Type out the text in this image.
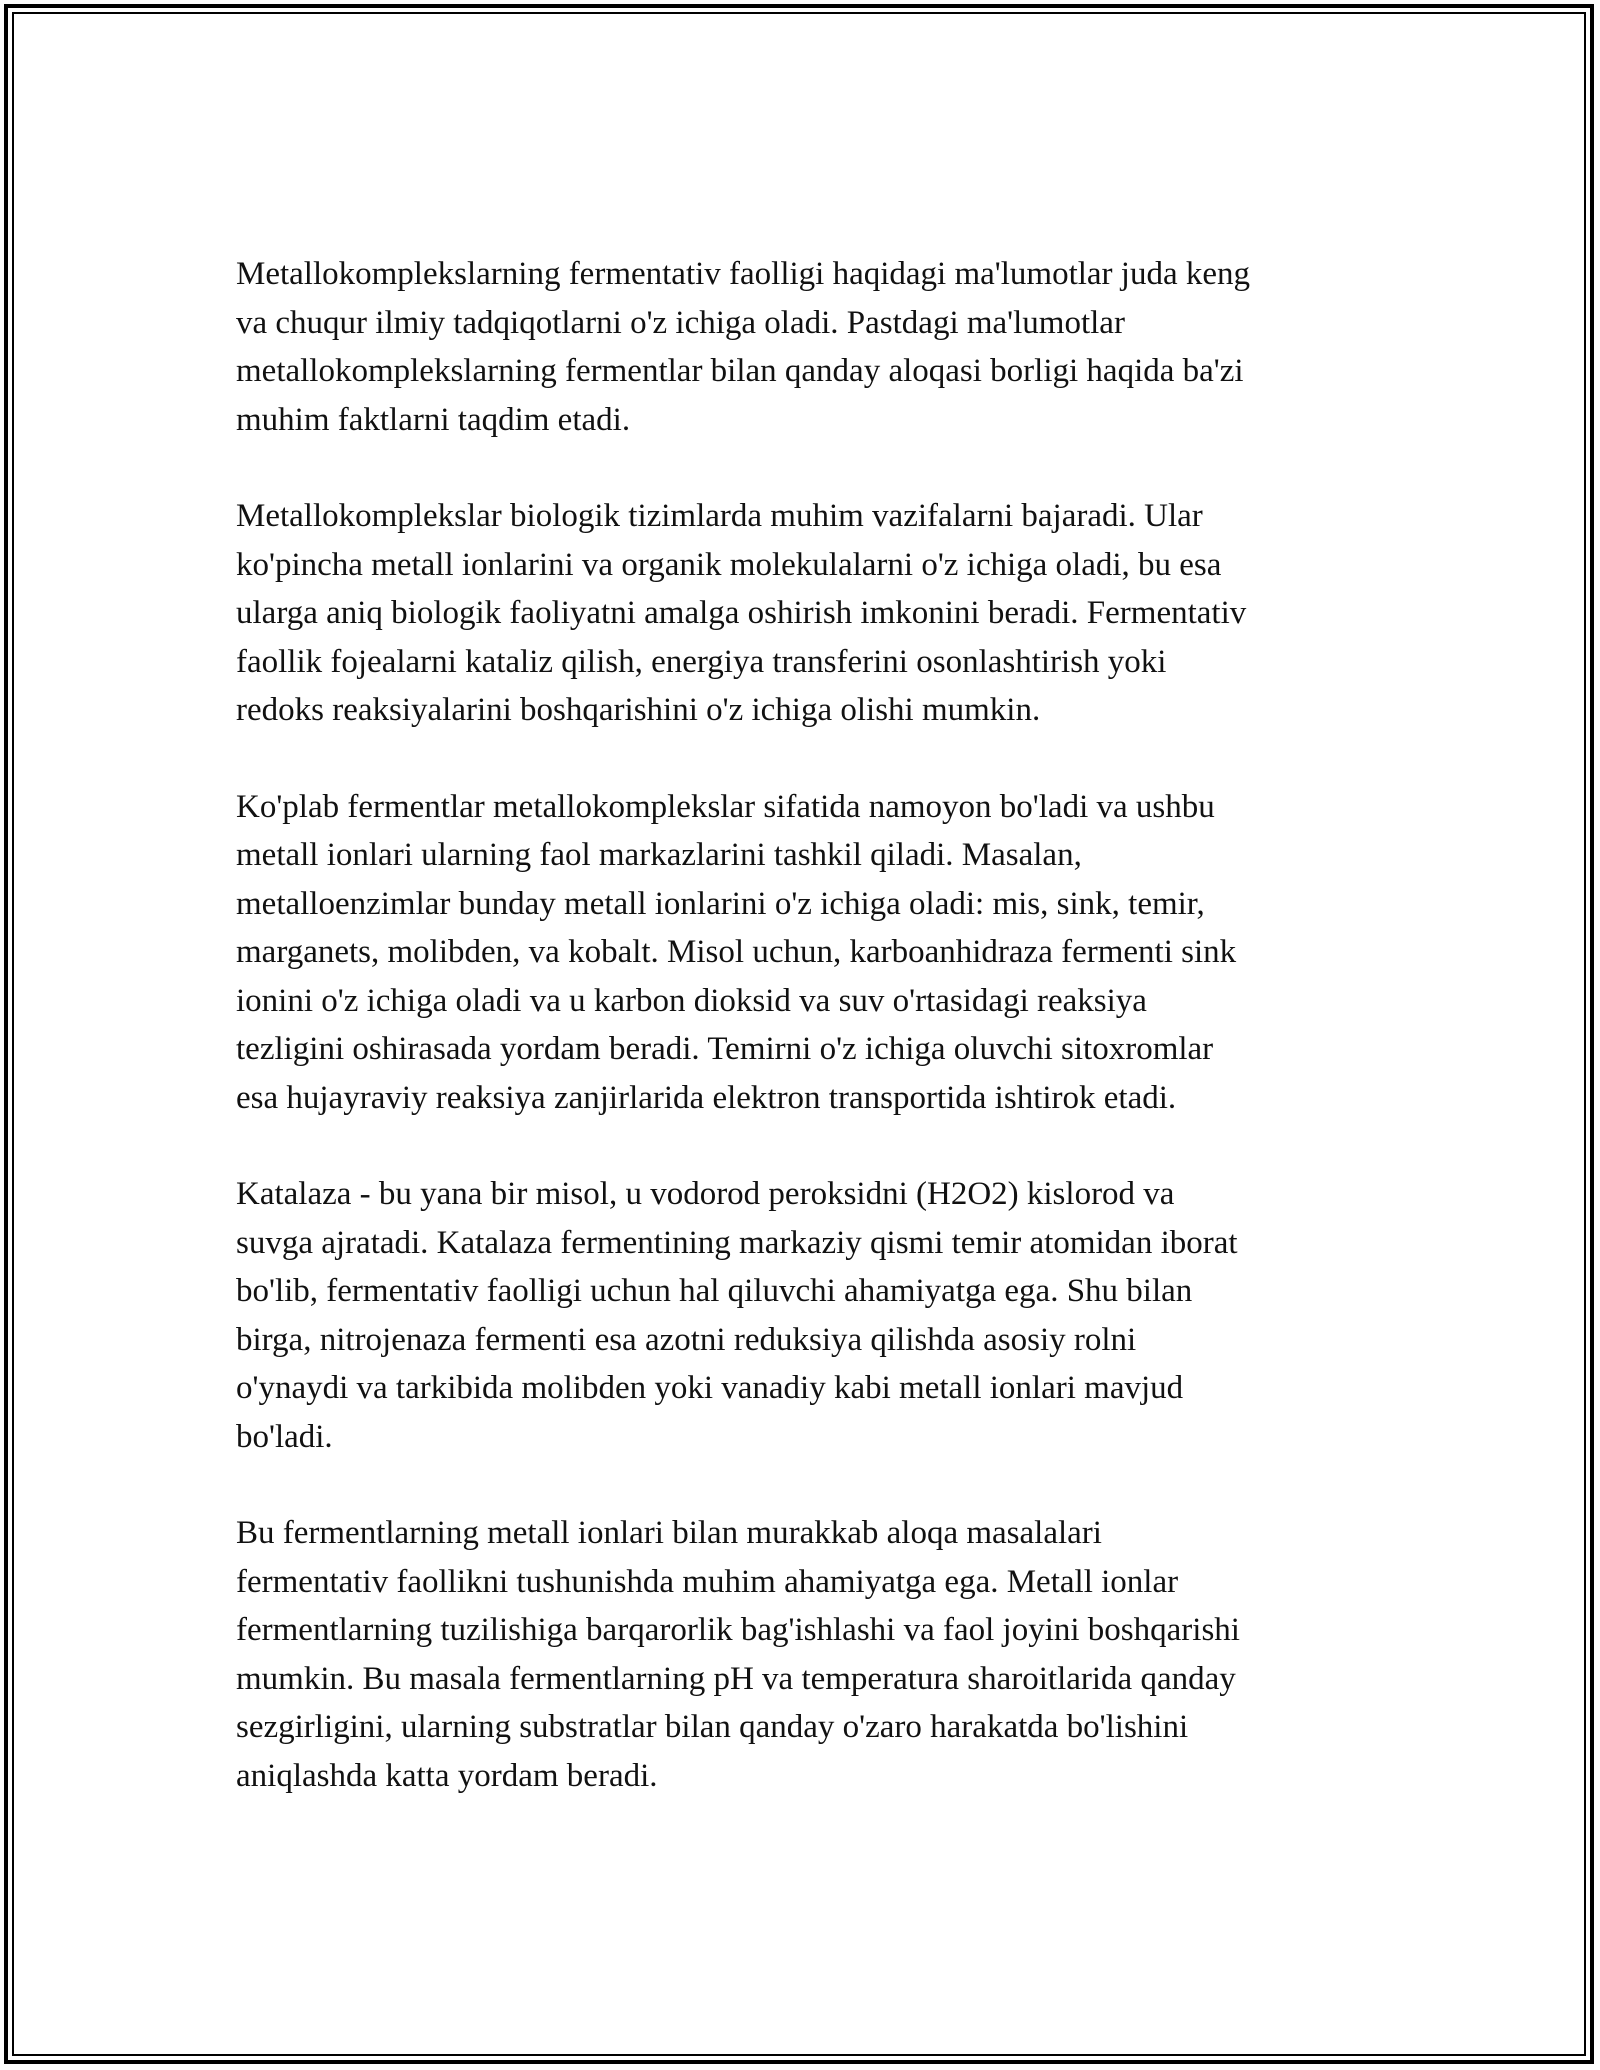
Metallokomplekslarning fermentativ faolligi haqidagi ma'lumotlar juda keng
va chuqur ilmiy tadqiqotlarni o'z ichiga oladi. Pastdagi ma'lumotlar
metallokomplekslarning fermentlar bilan qanday aloqasi borligi haqida ba'zi
muhim faktlarni taqdim etadi.

Metallokomplekslar biologik tizimlarda muhim vazifalarni bajaradi. Ular
ko'pincha metall ionlarini va organik molekulalarni o'z ichiga oladi, bu esa
ularga aniq biologik faoliyatni amalga oshirish imkonini beradi. Fermentativ
faollik fojealarni kataliz qilish, energiya transferini osonlashtirish yoki
redoks reaksiyalarini boshqarishini o'z ichiga olishi mumkin.

Ko'plab fermentlar metallokomplekslar sifatida namoyon bo'ladi va ushbu
metall ionlari ularning faol markazlarini tashkil qiladi. Masalan,
metalloenzimlar bunday metall ionlarini o'z ichiga oladi: mis, sink, temir,
marganets, molibden, va kobalt. Misol uchun, karboanhidraza fermenti sink
ionini o'z ichiga oladi va u karbon dioksid va suv o'rtasidagi reaksiya
tezligini oshirasada yordam beradi. Temirni o'z ichiga oluvchi sitoxromlar
esa hujayraviy reaksiya zanjirlarida elektron transportida ishtirok etadi.

Katalaza - bu yana bir misol, u vodorod peroksidni (H2O2) kislorod va
suvga ajratadi. Katalaza fermentining markaziy qismi temir atomidan iborat
bo'lib, fermentativ faolligi uchun hal qiluvchi ahamiyatga ega. Shu bilan
birga, nitrojenaza fermenti esa azotni reduksiya qilishda asosiy rolni
o'ynaydi va tarkibida molibden yoki vanadiy kabi metall ionlari mavjud
bo'ladi.

Bu fermentlarning metall ionlari bilan murakkab aloqa masalalari
fermentativ faollikni tushunishda muhim ahamiyatga ega. Metall ionlar
fermentlarning tuzilishiga barqarorlik bag'ishlashi va faol joyini boshqarishi
mumkin. Bu masala fermentlarning pH va temperatura sharoitlarida qanday
sezgirligini, ularning substratlar bilan qanday o'zaro harakatda bo'lishini
aniqlashda katta yordam beradi.
